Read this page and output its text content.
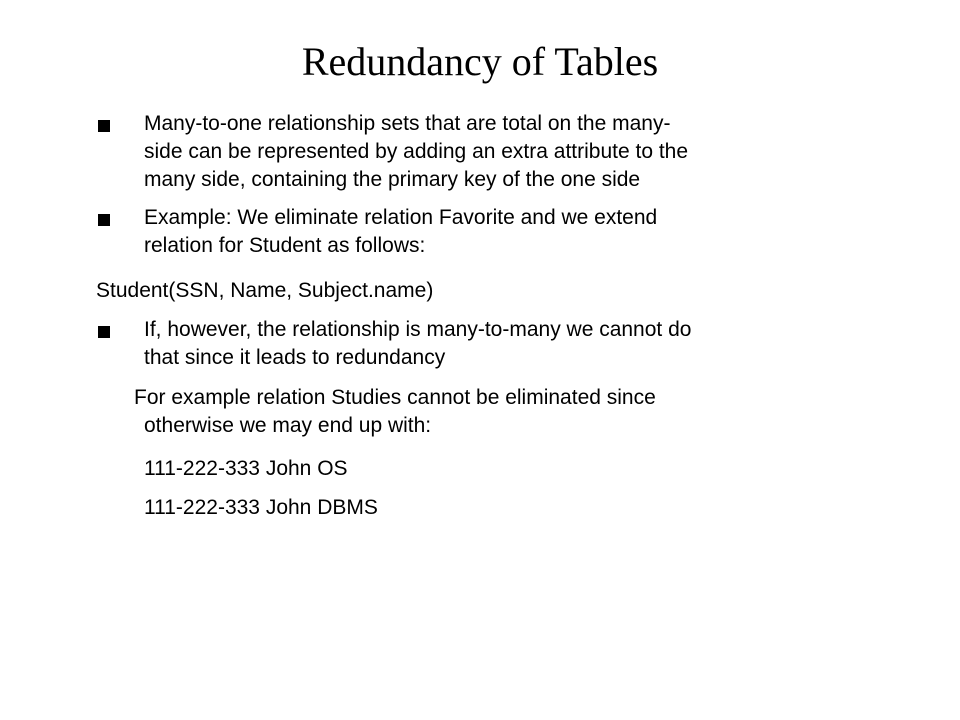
Redundancy of Tables
Many-to-one relationship sets that are total on the many-
side can be represented by adding an extra attribute to the
many side, containing the primary key of the one side
Example: We eliminate relation Favorite and we extend
relation for Student as follows:
Student(SSN, Name, Subject.name)
If, however, the relationship is many-to-many we cannot do
that since it leads to redundancy
For example relation Studies cannot be eliminated since
otherwise we may end up with:
111-222-333 John OS
111-222-333 John DBMS
